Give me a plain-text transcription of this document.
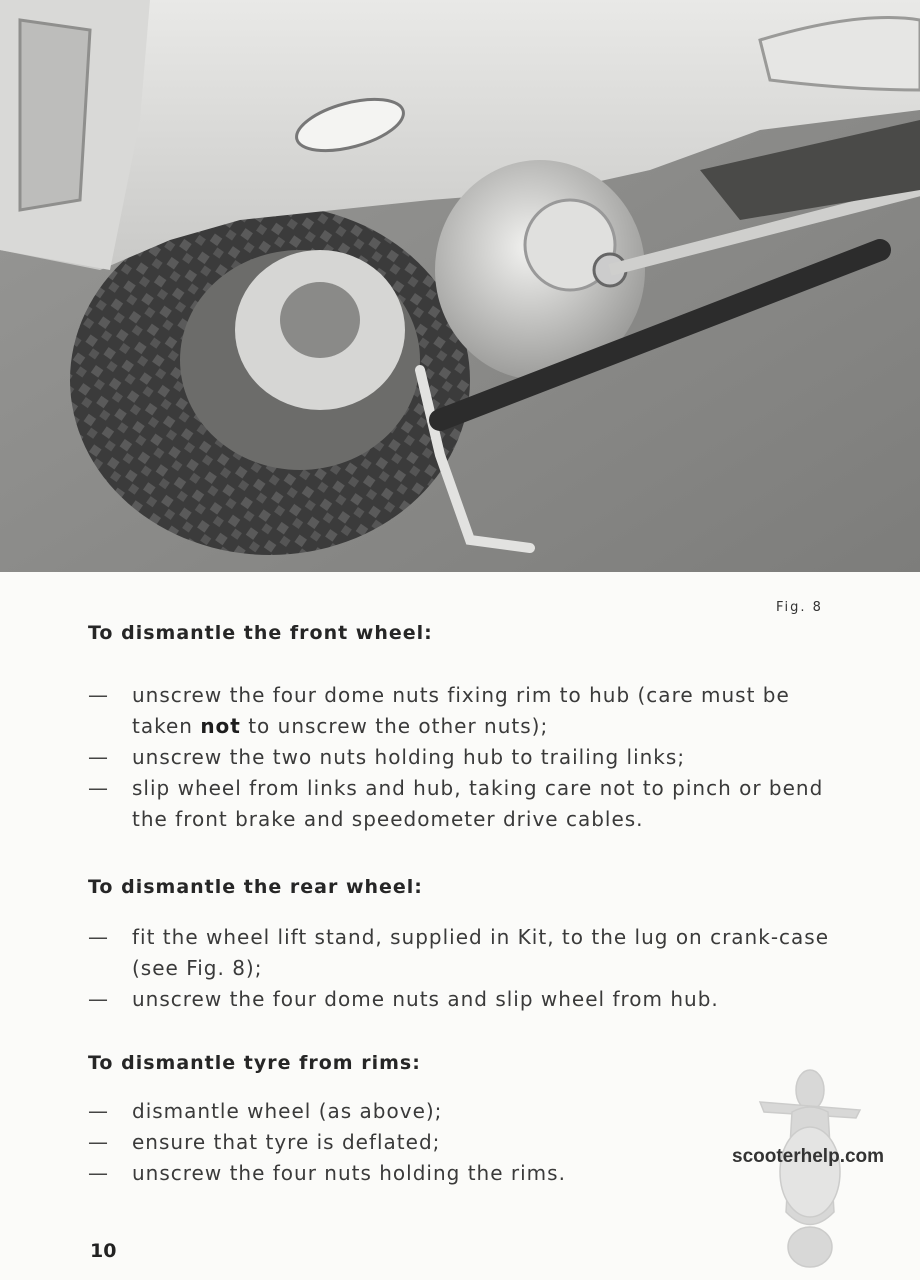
Fig. 8
To dismantle the front wheel:
—	unscrew the four dome nuts fixing rim to hub (care must be taken not to unscrew the other nuts);
—	unscrew the two nuts holding hub to trailing links;
—	slip wheel from links and hub, taking care not to pinch or bend the front brake and speedometer drive cables.
To dismantle the rear wheel:
—	fit the wheel lift stand, supplied in Kit, to the lug on crank-case (see Fig. 8);
—	unscrew the four dome nuts and slip wheel from hub.
To dismantle tyre from rims:
—	dismantle wheel (as above);
—	ensure that tyre is deflated;
—	unscrew the four nuts holding the rims.
scooterhelp.com
10
